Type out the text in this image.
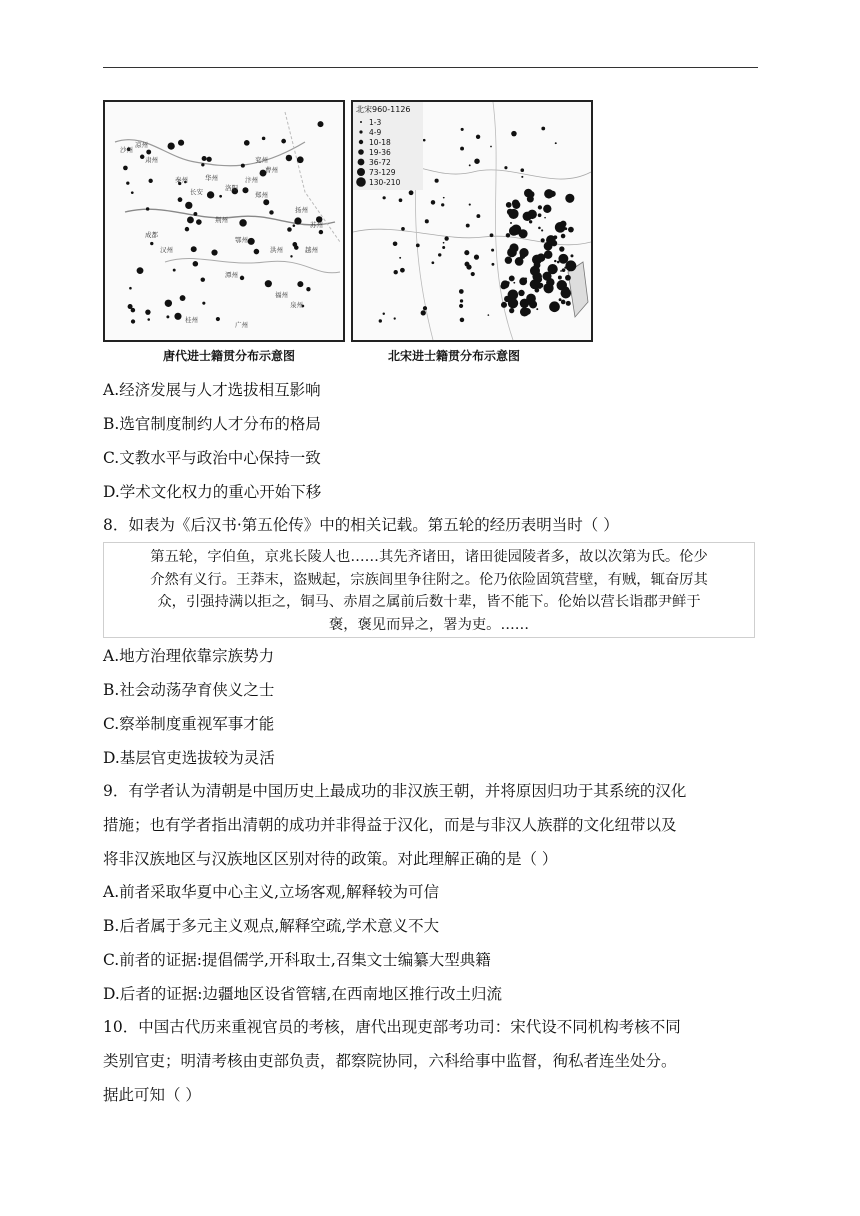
凉州
肃州
沙州
秦州	华州
长安	洛阳
汴州
郑州
曹州
兖州
扬州
苏州
成都
汉州
鄂州
潭州
洪州
荆州
福州
广州
桂州
泉州
越州
北宋960-1126
1-3
4-9
10-18
19-36
36-72
73-129
130-210
唐代进士籍贯分布示意图	北宋进士籍贯分布示意图
A.经济发展与人才选拔相互影响
B.选官制度制约人才分布的格局
C.文教水平与政治中心保持一致
D.学术文化权力的重心开始下移
8．如表为《后汉书·第五伦传》中的相关记载。第五轮的经历表明当时（ ）
第五轮，字伯鱼，京兆长陵人也……其先齐诸田，诸田徙园陵者多，故以次第为氏。伦少
介然有义行。王莽末，盗贼起，宗族闾里争往附之。伦乃依险固筑营壁，有贼，辄奋厉其
众，引强持满以拒之，铜马、赤眉之属前后数十辈，皆不能下。伦始以营长诣郡尹鲜于
褒，褒见而异之，署为吏。……
A.地方治理依靠宗族势力
B.社会动荡孕育侠义之士
C.察举制度重视军事才能
D.基层官吏选拔较为灵活
9．有学者认为清朝是中国历史上最成功的非汉族王朝，并将原因归功于其系统的汉化
措施；也有学者指出清朝的成功并非得益于汉化，而是与非汉人族群的文化纽带以及
将非汉族地区与汉族地区区别对待的政策。对此理解正确的是（ ）
A.前者采取华夏中心主义,立场客观,解释较为可信
B.后者属于多元主义观点,解释空疏,学术意义不大
C.前者的证据:提倡儒学,开科取士,召集文士编纂大型典籍
D.后者的证据:边疆地区设省管辖,在西南地区推行改土归流
10．中国古代历来重视官员的考核，唐代出现吏部考功司：宋代设不同机构考核不同
类别官吏；明清考核由吏部负责，都察院协同，六科给事中监督，徇私者连坐处分。
据此可知（ ）
